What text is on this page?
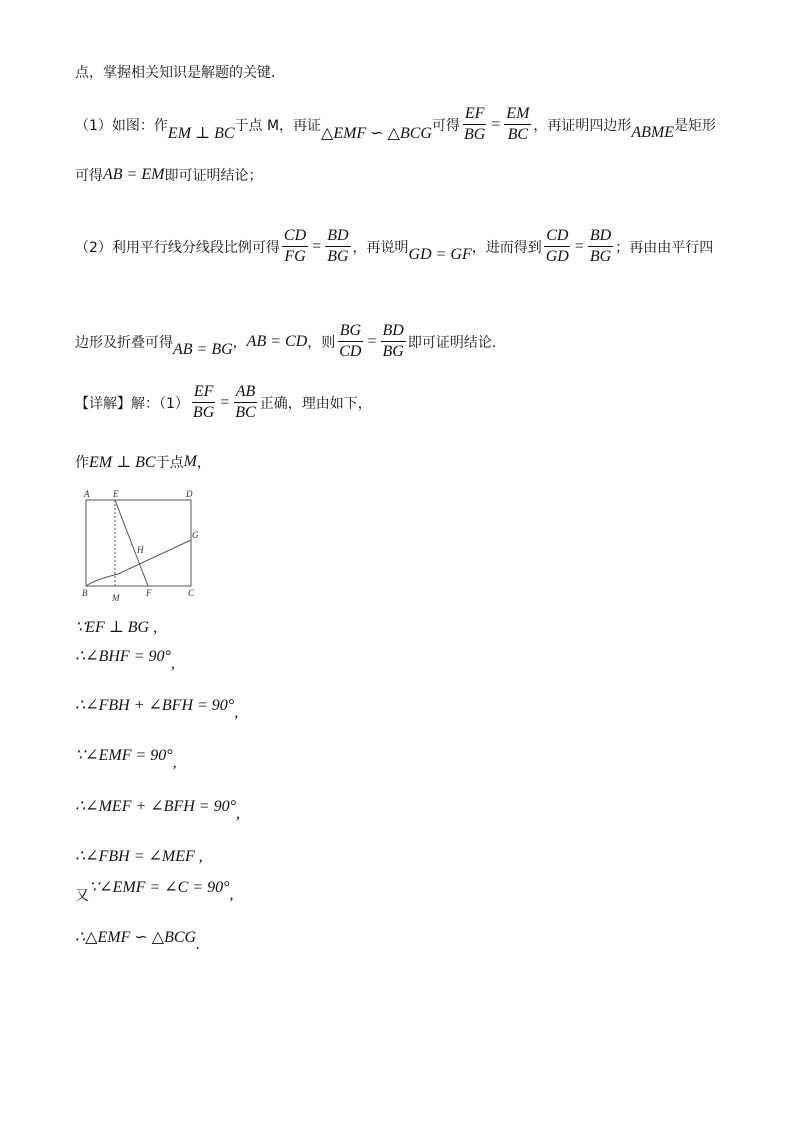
点，掌握相关知识是解题的关键．
（1）如图：作 EM ⊥ BC 于点 M，再证 △EMF ∽ △BCG 可得 $\frac{EF}{BG} = \frac{EM}{BC}$ ，再证明四边形 ABME 是矩形
可得 AB = EM 即可证明结论；
（2）利用平行线分线段比例可得 $\frac{CD}{FG} = \frac{BD}{BG}$ ，再说明 GD = GF ，进而得到 $\frac{CD}{GD} = \frac{BD}{BG}$ ；再由由平行四
边形及折叠可得 AB = BG ， AB = CD ，则 $\frac{BG}{CD} = \frac{BD}{BG}$ 即可证明结论．
【详解】解：$(1) \frac{EF}{BG} = \frac{AB}{BC}$ 正确，理由如下，
作 EM ⊥ BC 于点 M ，
A	E	D
G
H
B	M	F	C
∵EF ⊥ BG ,
∴∠BHF = 90° ,
∴∠FBH + ∠BFH = 90° ,
∵∠EMF = 90° ,
∴∠MEF + ∠BFH = 90° ,
∴∠FBH = ∠MEF ,
又 ∵∠EMF = ∠C = 90° ,
∴△EMF ∽ △BCG .
